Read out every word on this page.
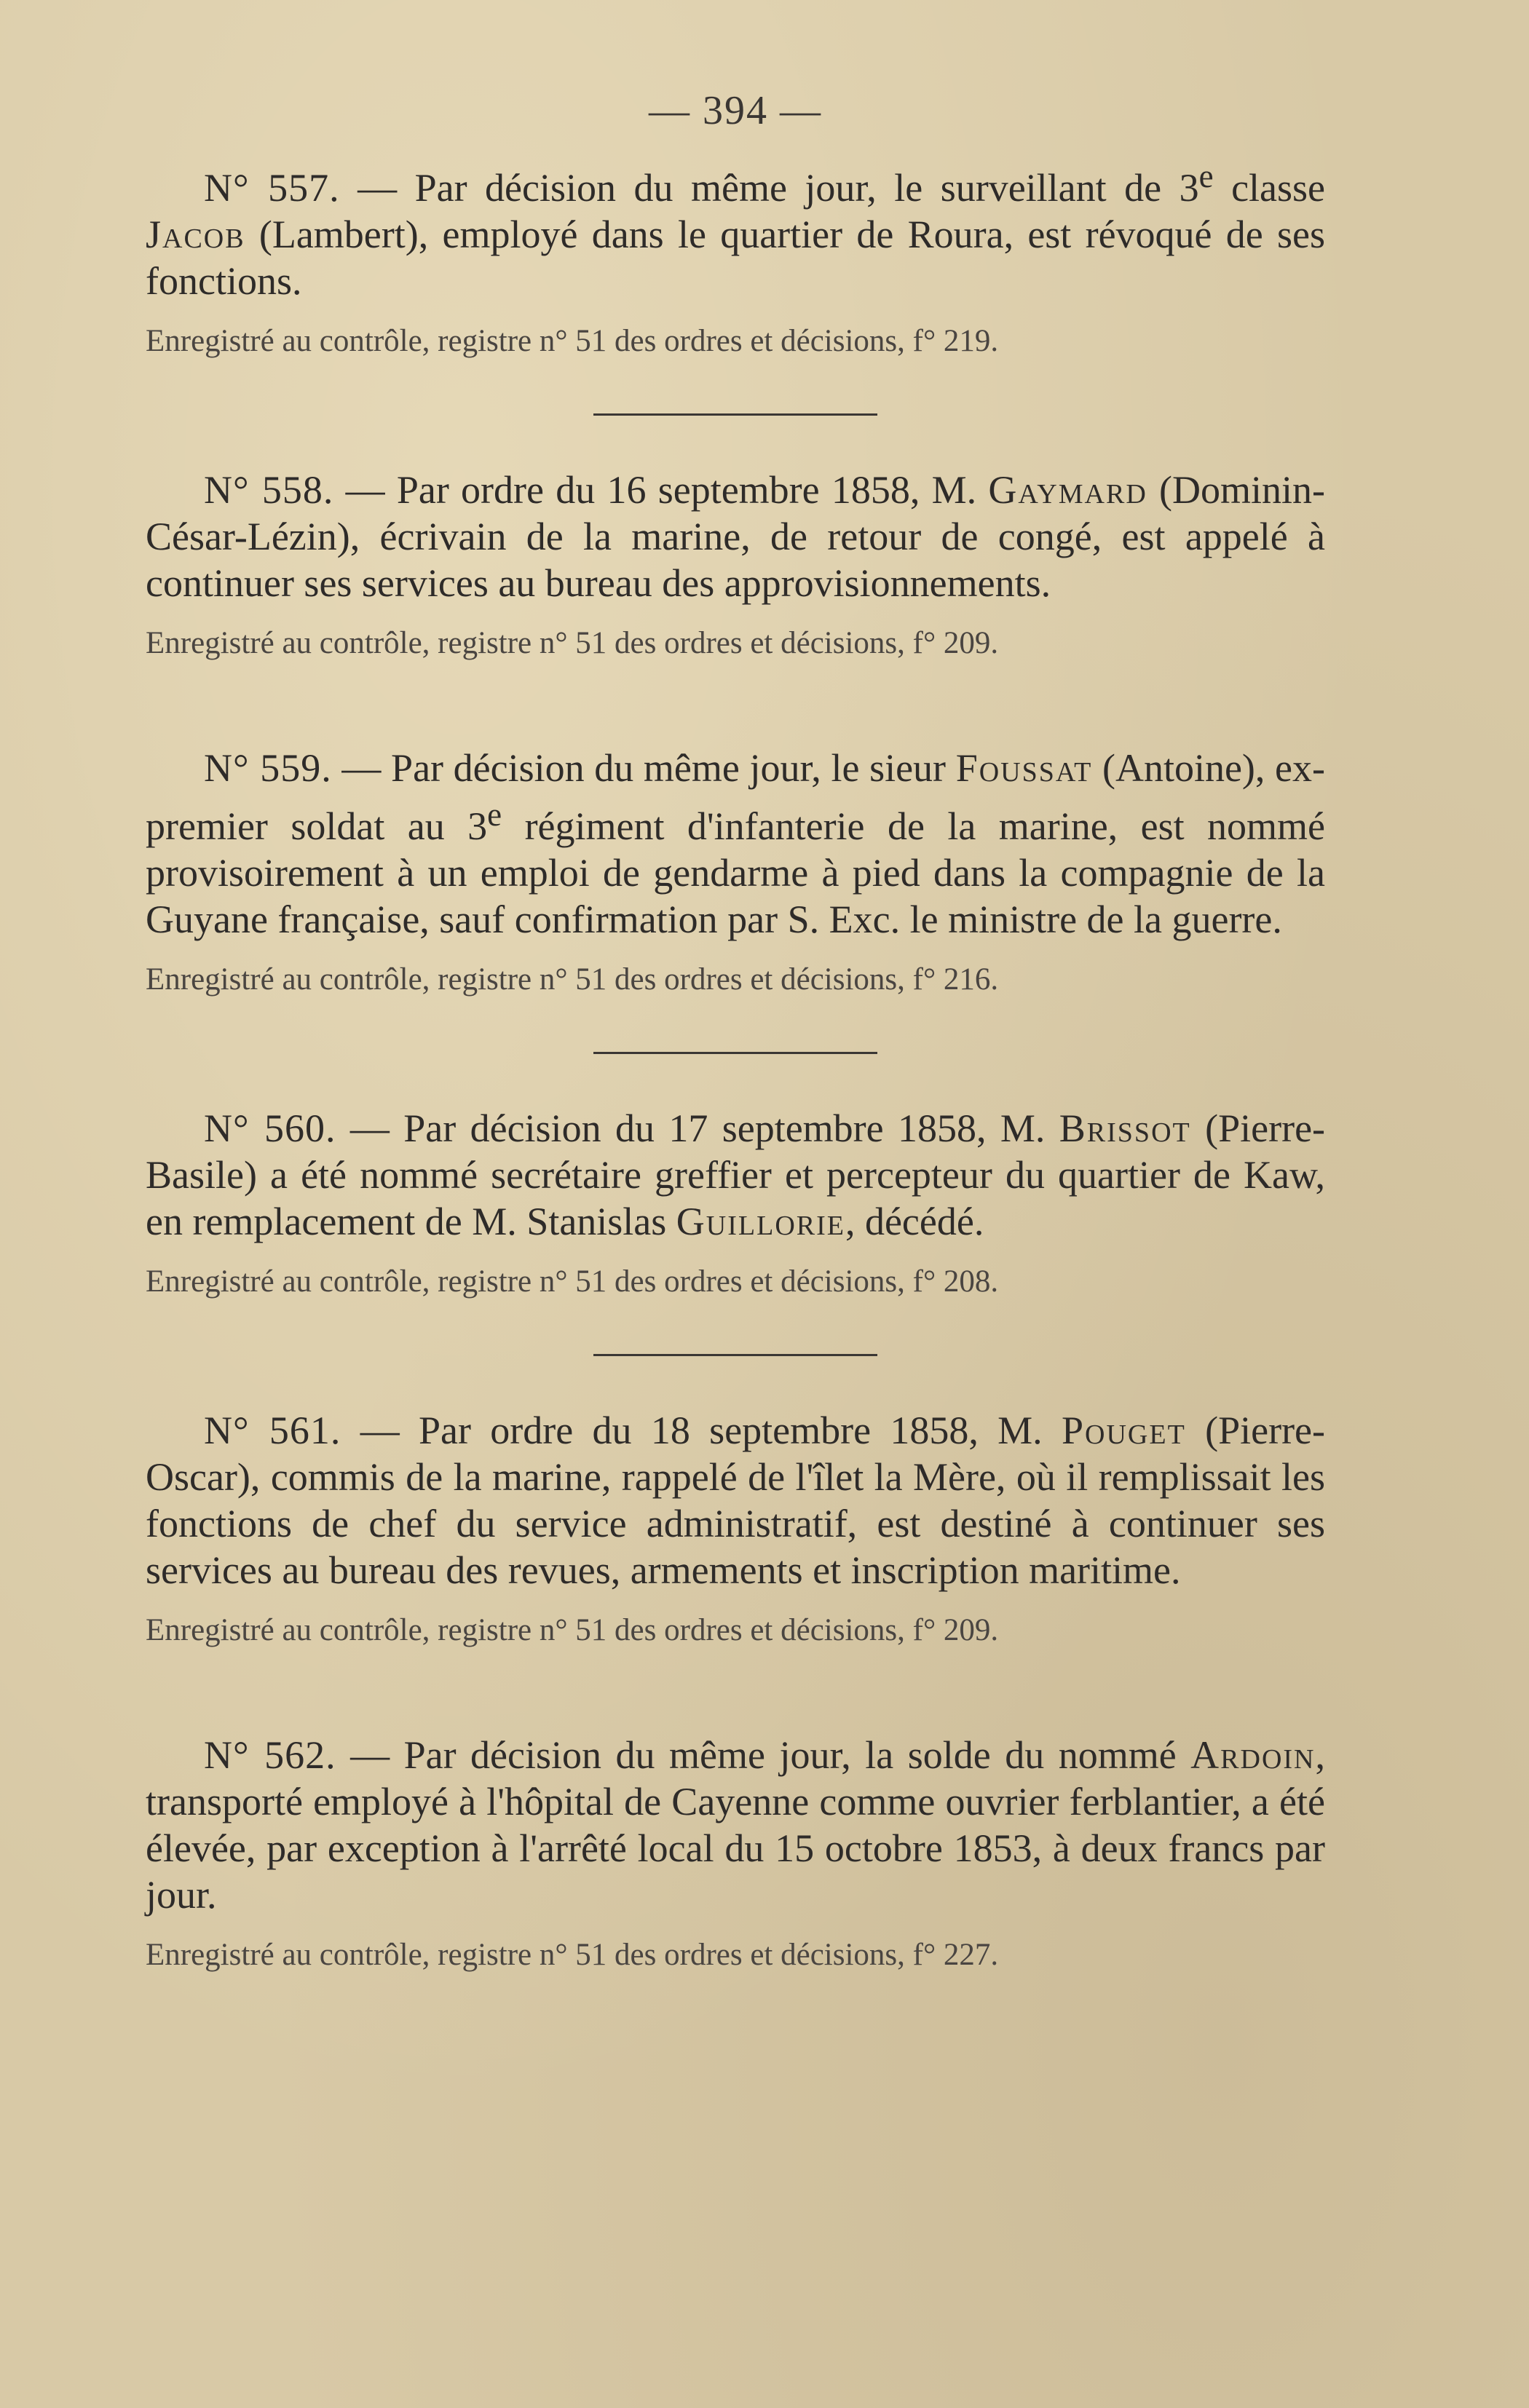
— 394 —

N° 557. — Par décision du même jour, le surveillant de 3e classe Jacob (Lambert), employé dans le quartier de Roura, est révoqué de ses fonctions.

Enregistré au contrôle, registre n° 51 des ordres et décisions, f° 219.

N° 558. — Par ordre du 16 septembre 1858, M. Gaymard (Dominin-César-Lézin), écrivain de la marine, de retour de congé, est appelé à continuer ses services au bureau des approvisionnements.

Enregistré au contrôle, registre n° 51 des ordres et décisions, f° 209.

N° 559. — Par décision du même jour, le sieur Foussat (Antoine), ex-premier soldat au 3e régiment d'infanterie de la marine, est nommé provisoirement à un emploi de gendarme à pied dans la compagnie de la Guyane française, sauf confirmation par S. Exc. le ministre de la guerre.

Enregistré au contrôle, registre n° 51 des ordres et décisions, f° 216.

N° 560. — Par décision du 17 septembre 1858, M. Brissot (Pierre-Basile) a été nommé secrétaire greffier et percepteur du quartier de Kaw, en remplacement de M. Stanislas Guillorie, décédé.

Enregistré au contrôle, registre n° 51 des ordres et décisions, f° 208.

N° 561. — Par ordre du 18 septembre 1858, M. Pouget (Pierre-Oscar), commis de la marine, rappelé de l'îlet la Mère, où il remplissait les fonctions de chef du service administratif, est destiné à continuer ses services au bureau des revues, armements et inscription maritime.

Enregistré au contrôle, registre n° 51 des ordres et décisions, f° 209.

N° 562. — Par décision du même jour, la solde du nommé Ardoin, transporté employé à l'hôpital de Cayenne comme ouvrier ferblantier, a été élevée, par exception à l'arrêté local du 15 octobre 1853, à deux francs par jour.

Enregistré au contrôle, registre n° 51 des ordres et décisions, f° 227.
